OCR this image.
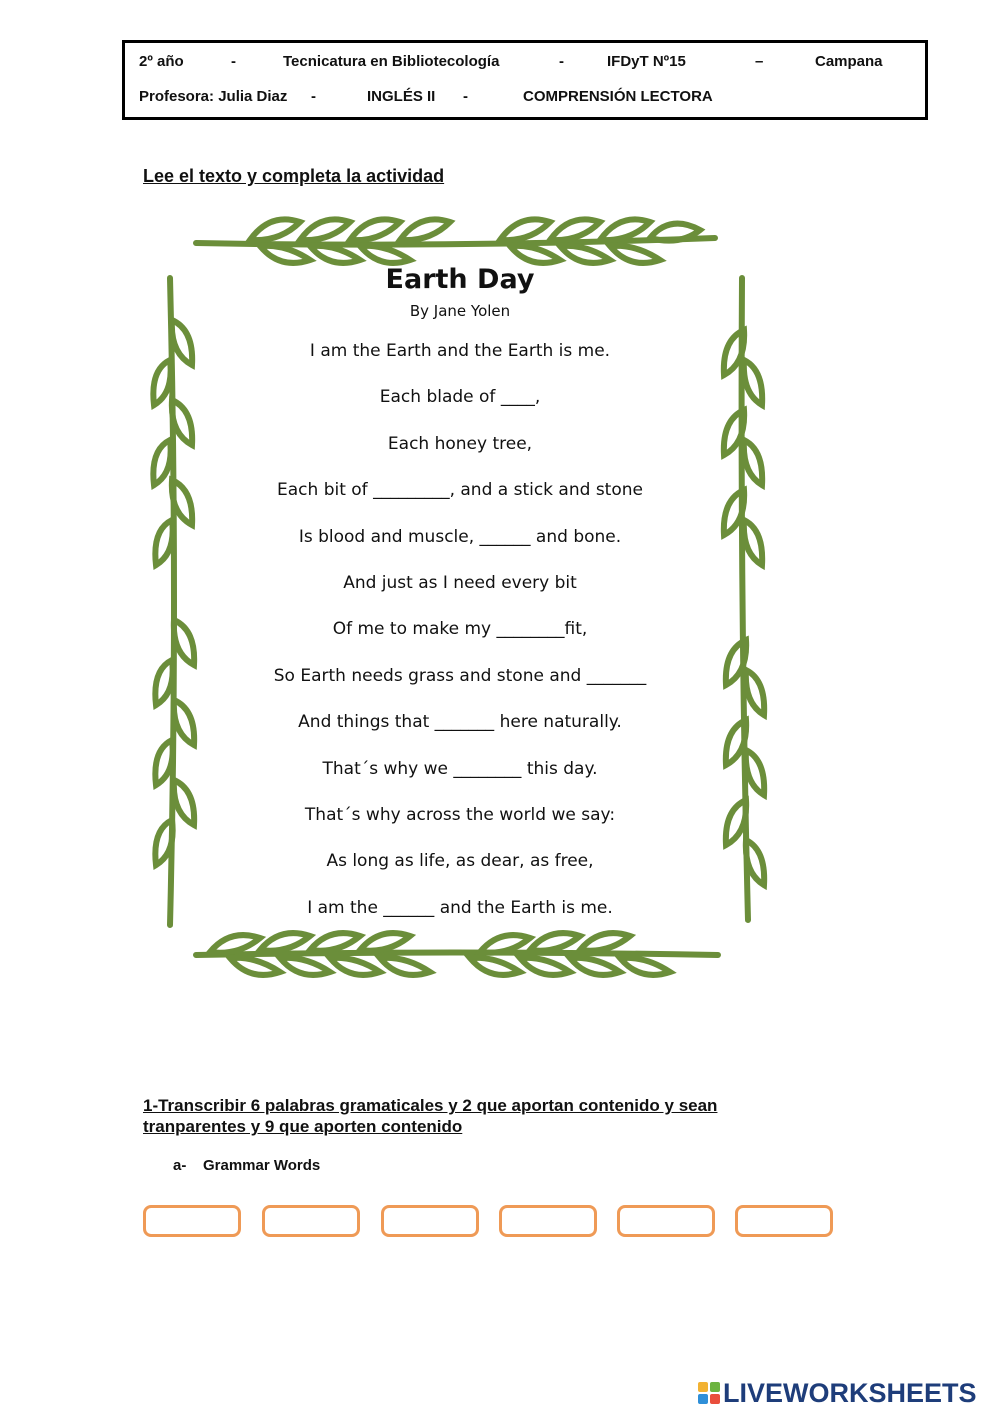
2º año	-	Tecnicatura en Bibliotecología	-	IFDyT Nº15	–	Campana
Profesora: Julia Diaz -	INGLÉS II -	COMPRENSIÓN LECTORA
Lee el texto y completa la actividad
Earth Day
By Jane Yolen
I am the Earth and the Earth is me.
Each blade of ____,
Each honey tree,
Each bit of _________, and a stick and stone
Is blood and muscle, ______ and bone.
And just as I need every bit
Of me to make my ________fit,
So Earth needs grass and stone and _______
And things that _______ here naturally.
That´s why we ________ this day.
That´s why across the world we say:
As long as life, as dear, as free,
I am the ______ and the Earth is me.
1-Transcribir 6 palabras gramaticales y 2 que aportan contenido y sean tranparentes y 9 que aporten contenido
a- Grammar Words
LIVEWORKSHEETS
